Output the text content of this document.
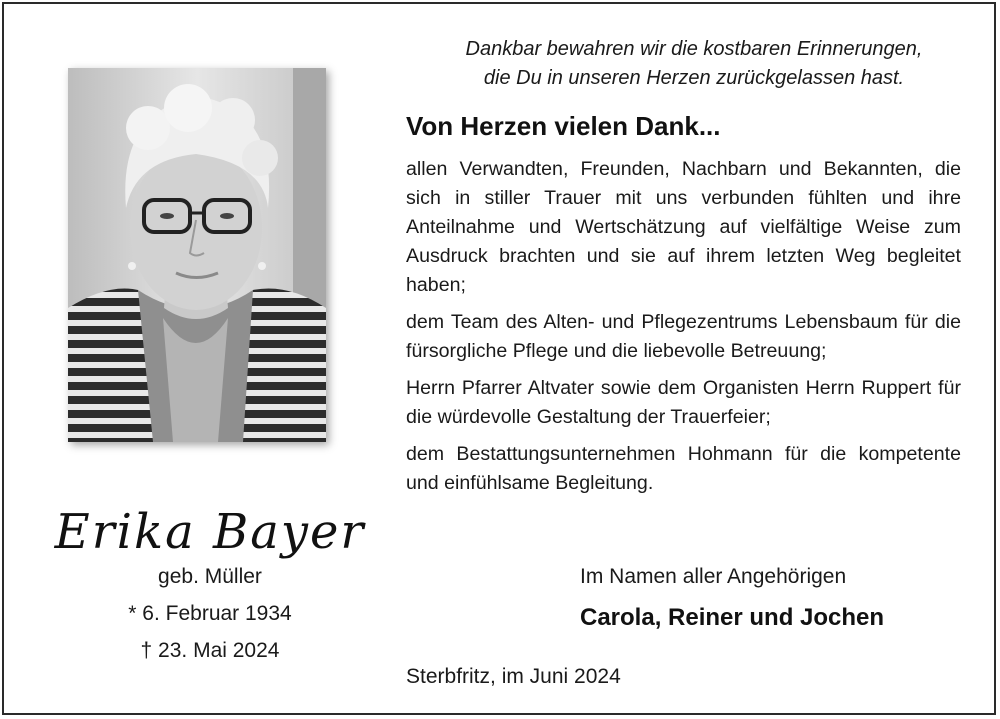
Erika Bayer
geb. Müller
* 6. Februar 1934
† 23. Mai 2024
Dankbar bewahren wir die kostbaren Erinnerungen,
die Du in unseren Herzen zurückgelassen hast.
Von Herzen vielen Dank...

allen Verwandten, Freunden, Nachbarn und Bekannten, die sich in stiller Trauer mit uns verbunden fühlten und ihre Anteilnahme und Wertschätzung auf vielfältige Weise zum Ausdruck brachten und sie auf ihrem letzten Weg begleitet haben;

dem Team des Alten- und Pflegezentrums Lebensbaum für die fürsorgliche Pflege und die liebevolle Betreuung;

Herrn Pfarrer Altvater sowie dem Organisten Herrn Ruppert für die würdevolle Gestaltung der Trauerfeier;

dem Bestattungsunternehmen Hohmann für die kompetente und einfühlsame Begleitung.

Im Namen aller Angehörigen
Carola, Reiner und Jochen
Sterbfritz, im Juni 2024
